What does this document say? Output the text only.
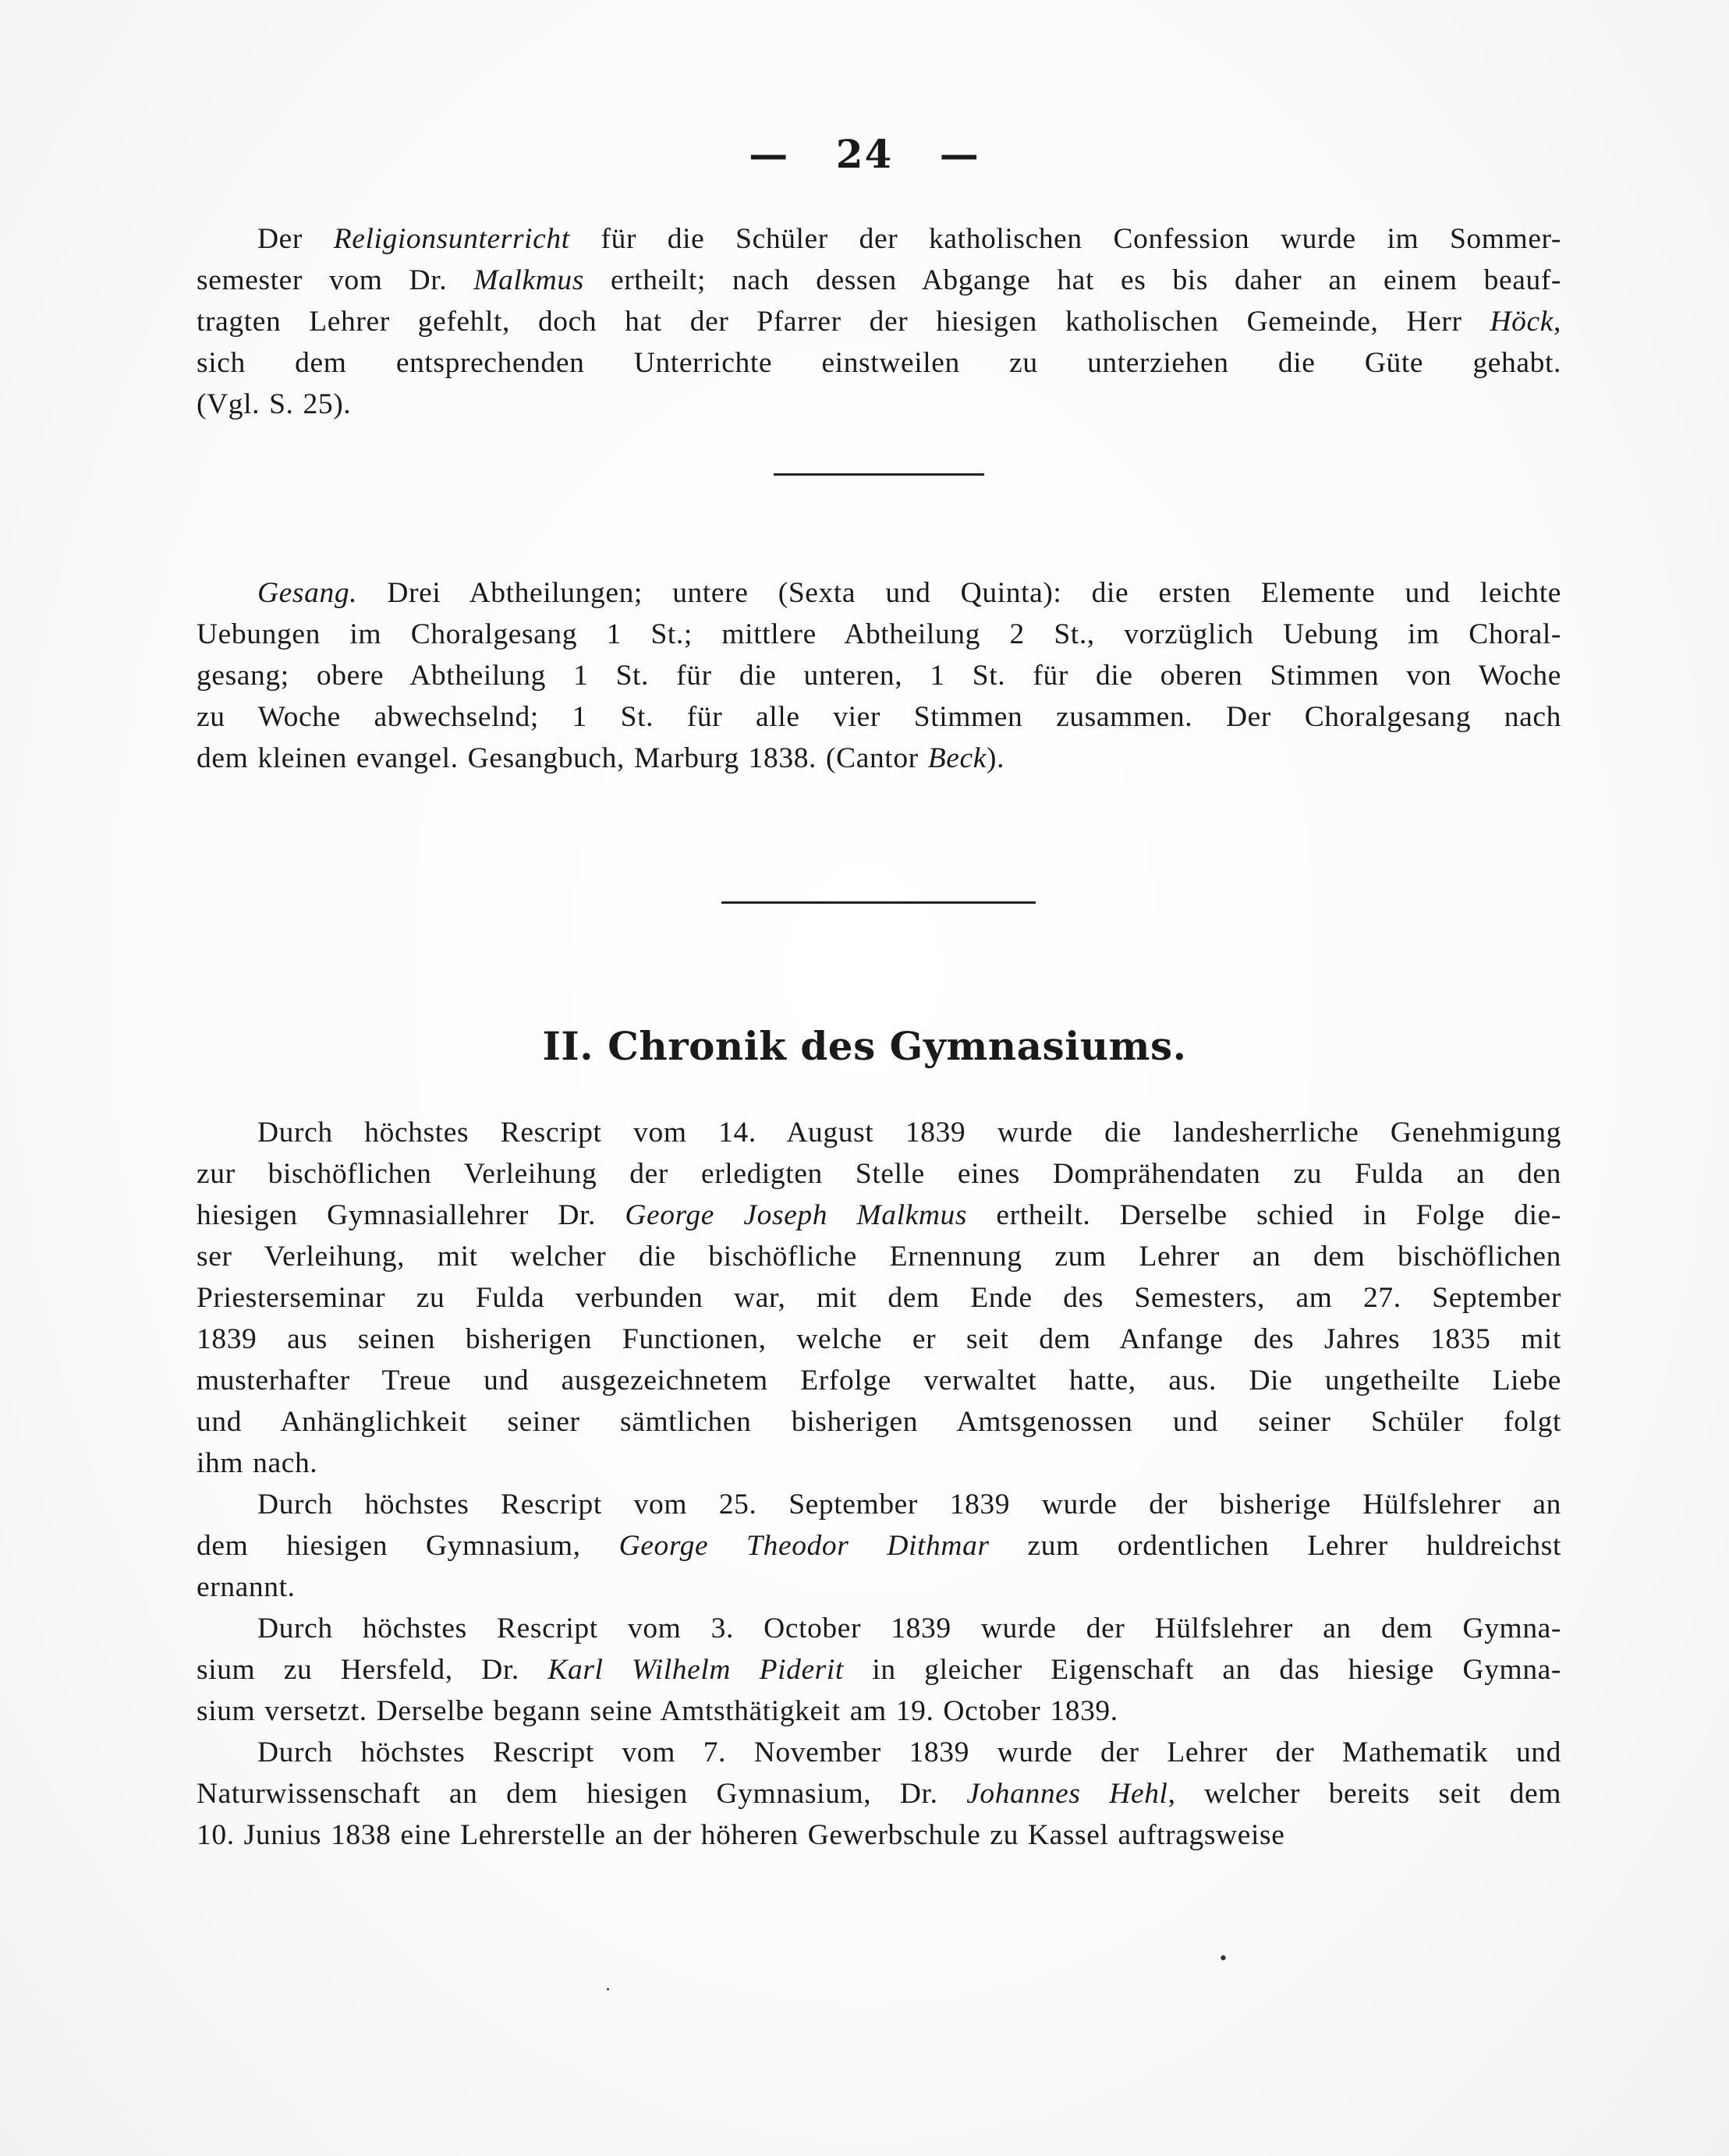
— 24 —
Der Religionsunterricht für die Schüler der katholischen Confession wurde im Sommer-
semester vom Dr. Malkmus ertheilt; nach dessen Abgange hat es bis daher an einem beauf-
tragten Lehrer gefehlt, doch hat der Pfarrer der hiesigen katholischen Gemeinde, Herr Höck,
sich dem entsprechenden Unterrichte einstweilen zu unterziehen die Güte gehabt.
(Vgl. S. 25).
Gesang. Drei Abtheilungen; untere (Sexta und Quinta): die ersten Elemente und leichte
Uebungen im Choralgesang 1 St.; mittlere Abtheilung 2 St., vorzüglich Uebung im Choral-
gesang; obere Abtheilung 1 St. für die unteren, 1 St. für die oberen Stimmen von Woche
zu Woche abwechselnd; 1 St. für alle vier Stimmen zusammen. Der Choralgesang nach
dem kleinen evangel. Gesangbuch, Marburg 1838. (Cantor Beck).
II. Chronik des Gymnasiums.
Durch höchstes Rescript vom 14. August 1839 wurde die landesherrliche Genehmigung
zur bischöflichen Verleihung der erledigten Stelle eines Domprähendaten zu Fulda an den
hiesigen Gymnasiallehrer Dr. George Joseph Malkmus ertheilt. Derselbe schied in Folge die-
ser Verleihung, mit welcher die bischöfliche Ernennung zum Lehrer an dem bischöflichen
Priesterseminar zu Fulda verbunden war, mit dem Ende des Semesters, am 27. September
1839 aus seinen bisherigen Functionen, welche er seit dem Anfange des Jahres 1835 mit
musterhafter Treue und ausgezeichnetem Erfolge verwaltet hatte, aus. Die ungetheilte Liebe
und Anhänglichkeit seiner sämtlichen bisherigen Amtsgenossen und seiner Schüler folgt
ihm nach.
Durch höchstes Rescript vom 25. September 1839 wurde der bisherige Hülfslehrer an
dem hiesigen Gymnasium, George Theodor Dithmar zum ordentlichen Lehrer huldreichst
ernannt.
Durch höchstes Rescript vom 3. October 1839 wurde der Hülfslehrer an dem Gymna-
sium zu Hersfeld, Dr. Karl Wilhelm Piderit in gleicher Eigenschaft an das hiesige Gymna-
sium versetzt. Derselbe begann seine Amtsthätigkeit am 19. October 1839.
Durch höchstes Rescript vom 7. November 1839 wurde der Lehrer der Mathematik und
Naturwissenschaft an dem hiesigen Gymnasium, Dr. Johannes Hehl, welcher bereits seit dem
10. Junius 1838 eine Lehrerstelle an der höheren Gewerbschule zu Kassel auftragsweise
•
·
